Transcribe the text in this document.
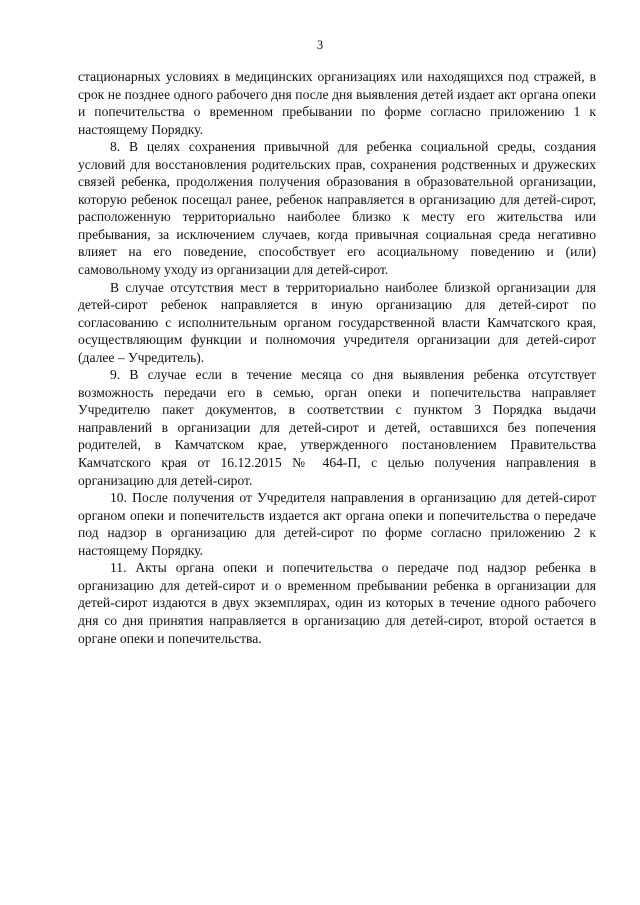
3

стационарных условиях в медицинских организациях или находящихся под стражей, в срок не позднее одного рабочего дня после дня выявления детей издает акт органа опеки и попечительства о временном пребывании по форме согласно приложению 1 к настоящему Порядку.

8. В целях сохранения привычной для ребенка социальной среды, создания условий для восстановления родительских прав, сохранения родственных и дружеских связей ребенка, продолжения получения образования в образовательной организации, которую ребенок посещал ранее, ребенок направляется в организацию для детей-сирот, расположенную территориально наиболее близко к месту его жительства или пребывания, за исключением случаев, когда привычная социальная среда негативно влияет на его поведение, способствует его асоциальному поведению и (или) самовольному уходу из организации для детей-сирот.

В случае отсутствия мест в территориально наиболее близкой организации для детей-сирот ребенок направляется в иную организацию для детей-сирот по согласованию с исполнительным органом государственной власти Камчатского края, осуществляющим функции и полномочия учредителя организации для детей-сирот (далее – Учредитель).

9. В случае если в течение месяца со дня выявления ребенка отсутствует возможность передачи его в семью, орган опеки и попечительства направляет Учредителю пакет документов, в соответствии с пунктом 3 Порядка выдачи направлений в организации для детей-сирот и детей, оставшихся без попечения родителей, в Камчатском крае, утвержденного постановлением Правительства Камчатского края от 16.12.2015 № 464-П, с целью получения направления в организацию для детей-сирот.

10. После получения от Учредителя направления в организацию для детей-сирот органом опеки и попечительств издается акт органа опеки и попечительства о передаче под надзор в организацию для детей-сирот по форме согласно приложению 2 к настоящему Порядку.

11. Акты органа опеки и попечительства о передаче под надзор ребенка в организацию для детей-сирот и о временном пребывании ребенка в организации для детей-сирот издаются в двух экземплярах, один из которых в течение одного рабочего дня со дня принятия направляется в организацию для детей-сирот, второй остается в органе опеки и попечительства.
